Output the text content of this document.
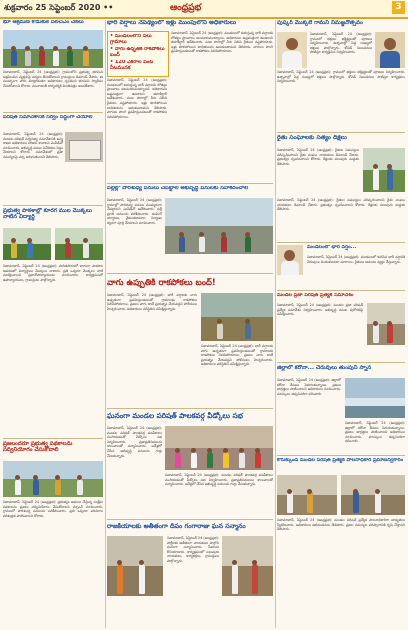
శుక్రవారం 25 సెప్టెంబర్ 2020 ••	ఆంధ్రప్రభ	3
భూ ఆక్రమణ కొడుకుకే పిలిచిఎం చెకలు
నిజామాబాద్, సెప్టెంబర్ 24 (ఆంధ్రప్రభ): గ్రామంలోని ప్రభుత్వ భూమిని ఆక్రమించిన వ్యక్తులపై చర్యలు తీసుకోవాలని గ్రామస్తులు డిమాండ్ చేశారు. ఈ సందర్భంగా వారు మాట్లాడుతూ అధికారులు స్పందించి భూమిని స్వాధీనం చేసుకోవాలని కోరారు. పంచాయతీ కార్యదర్శికి వినతిపత్రం అందజేశారు.
పరిషత్ సమావేశానికి సర్వం సిద్ధంగా చేయాలి
నిజామాబాద్, సెప్టెంబర్ 24 (ఆంధ్రప్రభ): మండల పరిషత్ సర్వసభ్య సమావేశానికి అన్ని శాఖల అధికారులు హాజరు కావాలని ఎంపీడీవో సూచించారు. అభివృద్ధి పనుల నివేదికలు సిద్ధం చేయాలని కోరారు. సమావేశంలో ప్రజా సమస్యలపై చర్చ జరుగుతుందని తెలిపారు.
ప్రభుత్వ పాఠశాల్లో కూరగ ముల మొక్కలు నాటిన విద్యార్థి
నిజామాబాద్, సెప్టెంబర్ 24 (ఆంధ్రప్రభ): హరితహారంలో భాగంగా పాఠశాల ఆవరణలో విద్యార్థులు మొక్కలు నాటారు. ప్రతి ఒక్కరూ మొక్కలు నాటి సంరక్షించాలని ప్రధానోపాధ్యాయుడు సూచించారు. కార్యక్రమంలో ఉపాధ్యాయులు, గ్రామస్తులు పాల్గొన్నారు.
ప్రజలందరూ ప్రభుత్వ పథకాలను సద్వినియోగం చేసుకోవాలి
నిజామాబాద్, సెప్టెంబర్ 24 (ఆంధ్రప్రభ): ప్రభుత్వం అమలు చేస్తున్న సంక్షేమ పథకాలను ప్రజలు సద్వినియోగం చేసుకోవాలని సర్పంచ్ సూచించారు. గ్రామంలో పారిశుధ్య పనులను పరిశీలించారు. ప్రతి ఒక్కరూ పరిసరాల పరిశుభ్రత పాటించాలని కోరారు.
భారీ వర్షాలు నేపథ్యంలో ఇళ్లు ముంపులోని అధికారులు
• మండలంలోని పలు గ్రామాలు
• వాగు ఉధృతికి రాకపోకలు బంద్
• 120 ఎకరాల పంట నీటమునక
నిజామాబాద్, సెప్టెంబర్ 24 (ఆంధ్రప్రభ): మండలంలో కురుస్తున్న భారీ వర్షాలకు లోతట్టు ప్రాంతాలు జలమయమయ్యాయి. అధికారులు అప్రమత్తంగా ఉండాలని తహశీల్దార్ ఆదేశించారు. పంట పొలాల్లో నీరు నిలిచి రైతులు నష్టపోయారు. ఇళ్లు కూలిపోయిన బాధితులను ఆదుకుంటామని తెలిపారు. వాగులు పొంగి ప్రవహిస్తుండటంతో రాకపోకలు నిలిచిపోయాయి.
నిజామాబాద్, సెప్టెంబర్ 24 (ఆంధ్రప్రభ): మండలంలో కురుస్తున్న భారీ వర్షాలకు లోతట్టు ప్రాంతాలు జలమయమయ్యాయి. అధికారులు అప్రమత్తంగా ఉండాలని తహశీల్దార్ ఆదేశించారు. పంట పొలాల్లో నీరు నిలిచి రైతులు నష్టపోయారు. ఇళ్లు కూలిపోయిన బాధితులను ఆదుకుంటామని తెలిపారు. వాగులు పొంగి ప్రవహిస్తుండటంతో రాకపోకలు నిలిచిపోయాయి.
పల్లెల్లో పారిశుధ్య పనులు చేపట్టాలి అభివృద్ధి పనులకు సహకరించాలి
నిజామాబాద్, సెప్టెంబర్ 24 (ఆంధ్రప్రభ): గ్రామాల్లో పారిశుధ్య పనులు ముమ్మరంగా చేపట్టాలని ఎంపీడీవో ఆదేశించారు. పల్లె ప్రగతి పనులను పరిశీలించారు. డంపింగ్ యార్డులు, వైకుంఠధామాల నిర్మాణం త్వరగా పూర్తి చేయాలని సూచించారు.
వాగు ఉప్పుతికి రాకపోకలు బంద్!
నిజామాబాద్, సెప్టెంబర్ 24 (ఆంధ్రప్రభ): భారీ వర్షాలకు వాగు ఉధృతంగా ప్రవహిస్తుండటంతో గ్రామాలకు రాకపోకలు నిలిచిపోయాయి. ప్రజలు వాగు దాటే ప్రయత్నం చేయవద్దని పోలీసులు హెచ్చరించారు. అధికారులు పరిస్థితిని సమీక్షిస్తున్నారు.
నిజామాబాద్, సెప్టెంబర్ 24 (ఆంధ్రప్రభ): భారీ వర్షాలకు వాగు ఉధృతంగా ప్రవహిస్తుండటంతో గ్రామాలకు రాకపోకలు నిలిచిపోయాయి. ప్రజలు వాగు దాటే ప్రయత్నం చేయవద్దని పోలీసులు హెచ్చరించారు. అధికారులు పరిస్థితిని సమీక్షిస్తున్నారు.
ఘనంగా మండల పరిషత్ పాలకవర్గ వీడ్కోలు సభ
నిజామాబాద్, సెప్టెంబర్ 24 (ఆంధ్రప్రభ): మండల పరిషత్ పాలకవర్గ పదవీకాలం ముగియడంతో వీడ్కోలు సభ నిర్వహించారు. ప్రజాప్రతినిధులను శాలువాలతో సన్మానించారు. ఐదేళ్లలో చేసిన అభివృద్ధి పనులను గుర్తు చేసుకున్నారు.
నిజామాబాద్, సెప్టెంబర్ 24 (ఆంధ్రప్రభ): మండల పరిషత్ పాలకవర్గ పదవీకాలం ముగియడంతో వీడ్కోలు సభ నిర్వహించారు. ప్రజాప్రతినిధులను శాలువాలతో సన్మానించారు. ఐదేళ్లలో చేసిన అభివృద్ధి పనులను గుర్తు చేసుకున్నారు.
రాజకీయాలకు అతీతంగా దీపం గంగారాజు ఘన సన్మానం
నిజామాబాద్, సెప్టెంబర్ 24 (ఆంధ్రప్రభ): పార్టీలకు అతీతంగా నాయకులు పాల్గొని ఘనంగా సన్మానించారు. సేవలను కొనియాడారు. కార్యక్రమంలో పలువురు నాయకులు, కార్యకర్తలు, గ్రామస్తులు పాల్గొన్నారు.
పుష్కర్ మొక్కలే గామని నిమజ్జనోత్సవం
నిజామాబాద్, సెప్టెంబర్ 24 (ఆంధ్రప్రభ): గ్రామంలో భక్తులు భక్తిశ్రద్ధలతో పూజలు నిర్వహించారు. ఉత్సవాల్లో పెద్ద సంఖ్యలో భక్తులు పాల్గొన్నారు. కోవిడ్ నిబంధనలు పాటిస్తూ కార్యక్రమం నిర్వహించారు.
నిజామాబాద్, సెప్టెంబర్ 24 (ఆంధ్రప్రభ): గ్రామంలో భక్తులు భక్తిశ్రద్ధలతో పూజలు నిర్వహించారు. ఉత్సవాల్లో పెద్ద సంఖ్యలో భక్తులు పాల్గొన్నారు. కోవిడ్ నిబంధనలు పాటిస్తూ కార్యక్రమం నిర్వహించారు.
రైతు సంఘాలకు సత్యం దీక్షలు
నిజామాబాద్, సెప్టెంబర్ 24 (ఆంధ్రప్రభ): రైతుల సమస్యలు పరిష్కరించాలని రైతు సంఘం నాయకులు డిమాండ్ చేశారు. ప్రభుత్వం స్పందించాలని కోరారు. దీక్షలకు పలువురు మద్దతు తెలిపారు.
నిజామాబాద్, సెప్టెంబర్ 24 (ఆంధ్రప్రభ): రైతుల సమస్యలు పరిష్కరించాలని రైతు సంఘం నాయకులు డిమాండ్ చేశారు. ప్రభుత్వం స్పందించాలని కోరారు. దీక్షలకు పలువురు మద్దతు తెలిపారు.
మండలంలో భారీ వర్షం...
నిజామాబాద్, సెప్టెంబర్ 24 (ఆంధ్రప్రభ): మండలంలో కురిసిన భారీ వర్షానికి చెరువులు నిండుకుండలా మారాయి. రైతులు ఆనందం వ్యక్తం చేస్తున్నారు.
మండల ప్రజా పరిషత్ ప్రత్యేక సమావేశం
నిజామాబాద్, సెప్టెంబర్ 24 (ఆంధ్రప్రభ): మండల ప్రజా పరిషత్ ప్రత్యేక సమావేశం నిర్వహించారు. అభివృద్ధి పనుల పురోగతిపై సమీక్షించారు.
జిల్లాలో కరోనా... చెరువులు తుంపుని స్నాన
నిజామాబాద్, సెప్టెంబర్ 24 (ఆంధ్రప్రభ): జిల్లాలో కరోనా కేసులు పెరుగుతున్నాయి. ప్రజలు జాగ్రత్తలు పాటించాలని అధికారులు సూచించారు. మాస్కులు తప్పనిసరిగా ధరించాలి.
నిజామాబాద్, సెప్టెంబర్ 24 (ఆంధ్రప్రభ): జిల్లాలో కరోనా కేసులు పెరుగుతున్నాయి. ప్రజలు జాగ్రత్తలు పాటించాలని అధికారులు సూచించారు. మాస్కులు తప్పనిసరిగా ధరించాలి.
కొరుక్కుండ మండల పరిషత్ ప్రత్యేక పాలనాధికారి ప్రమాణస్వీకారం
నిజామాబాద్, సెప్టెంబర్ 24 (ఆంధ్రప్రభ): మండల పరిషత్ ప్రత్యేక పాలనాధికారిగా బాధ్యతలు స్వీకరించారు. అధికారులు అభినందనలు తెలిపారు. ప్రజల సమస్యల పరిష్కారానికి కృషి చేస్తానని తెలిపారు.
